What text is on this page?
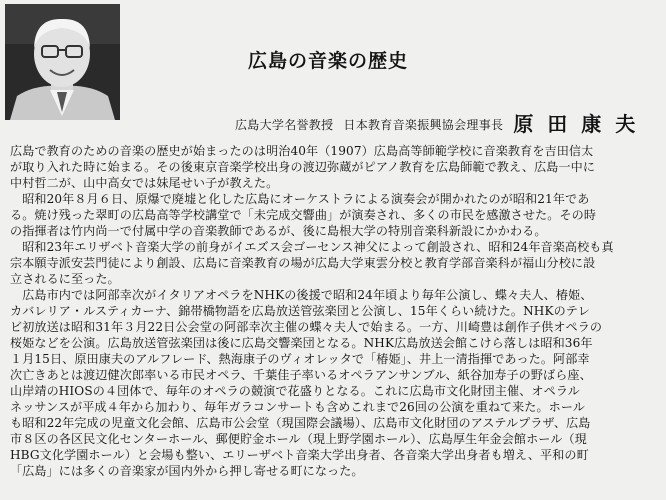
広島の音楽の歴史
広島大学名誉教授 日本教育音楽振興協会理事長 原田康夫
広島で教育のための音楽の歴史が始まったのは明治40年（1907）広島高等師範学校に音楽教育を吉田信太
が取り入れた時に始まる。その後東京音楽学校出身の渡辺弥蔵がピアノ教育を広島師範で教え、広島一中に
中村哲二が、山中高女では妹尾せい子が教えた。
　昭和20年８月６日、原爆で廃墟と化した広島にオーケストラによる演奏会が開かれたのが昭和21年であ
る。焼け残った翠町の広島高等学校講堂で「未完成交響曲」が演奏され、多くの市民を感激させた。その時
の指揮者は竹内尚一で付属中学の音楽教師であるが、後に島根大学の特別音楽科新設にかかわる。
　昭和23年エリザベト音楽大学の前身がイエズス会ゴーセンス神父によって創設され、昭和24年音楽高校も真
宗本願寺派安芸門徒により創設、広島に音楽教育の場が広島大学東雲分校と教育学部音楽科が福山分校に設
立されるに至った。
　広島市内では阿部幸次がイタリアオペラをNHKの後援で昭和24年頃より毎年公演し、蝶々夫人、椿姫、
カバレリア・ルスティカーナ、錦帯橋物語を広島放送管弦楽団と公演し、15年くらい続けた。NHKのテレ
ビ初放送は昭和31年３月22日公会堂の阿部幸次主催の蝶々夫人で始まる。一方、川崎豊は創作子供オペラの
桜姫などを公演。広島放送管弦楽団は後に広島交響楽団となる。NHK広島放送会館こけら落しは昭和36年
１月15日、原田康夫のアルフレード、熱海康子のヴィオレッタで「椿姫」、井上一清指揮であった。阿部幸
次亡きあとは渡辺健次郎率いる市民オペラ、千葉佳子率いるオペラアンサンブル、紙谷加寿子の野ばら座、
山岸靖のHIOSの４団体で、毎年のオペラの競演で花盛りとなる。これに広島市文化財団主催、オペラル
ネッサンスが平成４年から加わり、毎年ガラコンサートも含めこれまで26回の公演を重ねて来た。ホール
も昭和22年完成の児童文化会館、広島市公会堂（現国際会議場）、広島市文化財団のアステルプラザ、広島
市８区の各区民文化センターホール、郵便貯金ホール（現上野学園ホール）、広島厚生年金会館ホール（現
HBG文化学園ホール）と会場も整い、エリーザベト音楽大学出身者、各音楽大学出身者も増え、平和の町
「広島」には多くの音楽家が国内外から押し寄せる町になった。
